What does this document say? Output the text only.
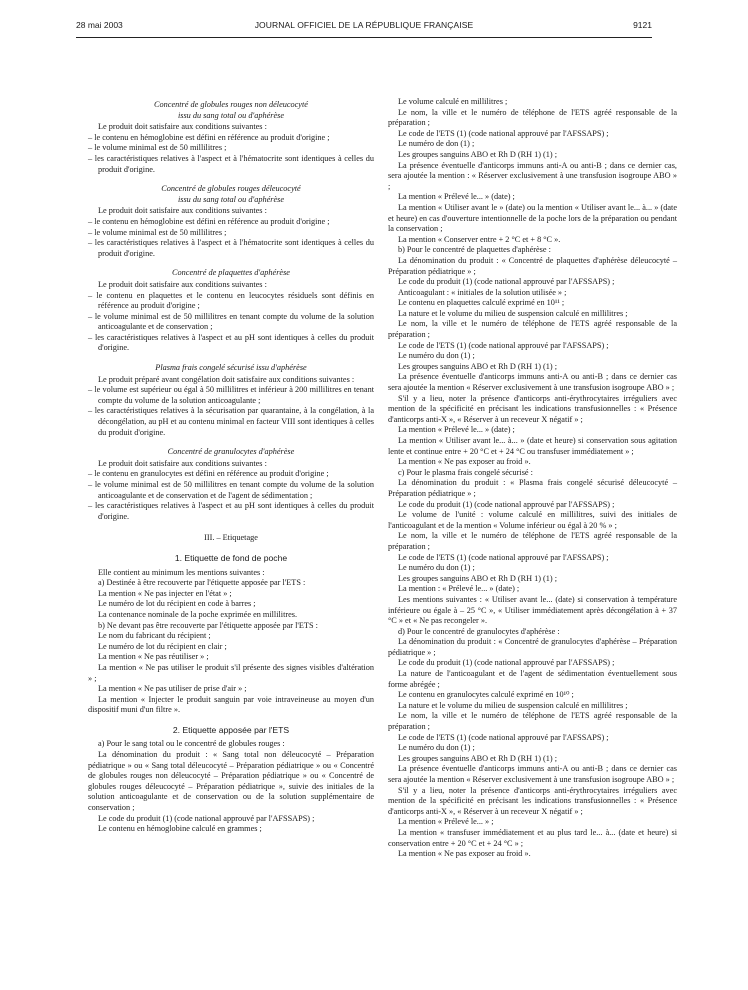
28 mai 2003	JOURNAL OFFICIEL DE LA RÉPUBLIQUE FRANÇAISE	9121

Concentré de globules rouges non déleucocyté

issu du sang total ou d'aphérèse

Le produit doit satisfaire aux conditions suivantes :

– le contenu en hémoglobine est défini en référence au produit d'origine ;

– le volume minimal est de 50 millilitres ;

– les caractéristiques relatives à l'aspect et à l'hématocrite sont identiques à celles du produit d'origine.

Concentré de globules rouges déleucocyté

issu du sang total ou d'aphérèse

Le produit doit satisfaire aux conditions suivantes :

– le contenu en hémoglobine est défini en référence au produit d'origine ;

– le volume minimal est de 50 millilitres ;

– les caractéristiques relatives à l'aspect et à l'hématocrite sont identiques à celles du produit d'origine.

Concentré de plaquettes d'aphérèse

Le produit doit satisfaire aux conditions suivantes :

– le contenu en plaquettes et le contenu en leucocytes résiduels sont définis en référence au produit d'origine ;

– le volume minimal est de 50 millilitres en tenant compte du volume de la solution anticoagulante et de conservation ;

– les caractéristiques relatives à l'aspect et au pH sont identiques à celles du produit d'origine.

Plasma frais congelé sécurisé issu d'aphérèse

Le produit préparé avant congélation doit satisfaire aux conditions suivantes :

– le volume est supérieur ou égal à 50 millilitres et inférieur à 200 millilitres en tenant compte du volume de la solution anticoagulante ;

– les caractéristiques relatives à la sécurisation par quarantaine, à la congélation, à la décongélation, au pH et au contenu minimal en facteur VIII sont identiques à celles du produit d'origine.

Concentré de granulocytes d'aphérèse

Le produit doit satisfaire aux conditions suivantes :

– le contenu en granulocytes est défini en référence au produit d'origine ;

– le volume minimal est de 50 millilitres en tenant compte du volume de la solution anticoagulante et de conservation et de l'agent de sédimentation ;

– les caractéristiques relatives à l'aspect et au pH sont identiques à celles du produit d'origine.

III. – Etiquetage

1. Etiquette de fond de poche

Elle contient au minimum les mentions suivantes :

a) Destinée à être recouverte par l'étiquette apposée par l'ETS :

La mention « Ne pas injecter en l'état » ;

Le numéro de lot du récipient en code à barres ;

La contenance nominale de la poche exprimée en millilitres.

b) Ne devant pas être recouverte par l'étiquette apposée par l'ETS :

Le nom du fabricant du récipient ;

Le numéro de lot du récipient en clair ;

La mention « Ne pas réutiliser » ;

La mention « Ne pas utiliser le produit s'il présente des signes visibles d'altération » ;

La mention « Ne pas utiliser de prise d'air » ;

La mention « Injecter le produit sanguin par voie intraveineuse au moyen d'un dispositif muni d'un filtre ».

2. Etiquette apposée par l'ETS

a) Pour le sang total ou le concentré de globules rouges :

La dénomination du produit : « Sang total non déleucocyté – Préparation pédiatrique » ou « Sang total déleucocyté – Préparation pédiatrique » ou « Concentré de globules rouges non déleucocyté – Préparation pédiatrique » ou « Concentré de globules rouges déleucocyté – Préparation pédiatrique », suivie des initiales de la solution anticoagulante et de conservation ou de la solution supplémentaire de conservation ;

Le code du produit (1) (code national approuvé par l'AFSSAPS) ;

Le contenu en hémoglobine calculé en grammes ;

Le volume calculé en millilitres ;

Le nom, la ville et le numéro de téléphone de l'ETS agréé responsable de la préparation ;

Le code de l'ETS (1) (code national approuvé par l'AFSSAPS) ;

Le numéro de don (1) ;

Les groupes sanguins ABO et Rh D (RH 1) (1) ;

La présence éventuelle d'anticorps immuns anti-A ou anti-B ; dans ce dernier cas, sera ajoutée la mention : « Réserver exclusivement à une transfusion isogroupe ABO » ;

La mention « Prélevé le... » (date) ;

La mention « Utiliser avant le » (date) ou la mention « Utiliser avant le... à... » (date et heure) en cas d'ouverture intentionnelle de la poche lors de la préparation ou pendant la conservation ;

La mention « Conserver entre + 2 °C et + 8 °C ».

b) Pour le concentré de plaquettes d'aphérèse :

La dénomination du produit : « Concentré de plaquettes d'aphérèse déleucocyté – Préparation pédiatrique » ;

Le code du produit (1) (code national approuvé par l'AFSSAPS) ;

Anticoagulant : « initiales de la solution utilisée » ;

Le contenu en plaquettes calculé exprimé en 10¹¹ ;

La nature et le volume du milieu de suspension calculé en millilitres ;

Le nom, la ville et le numéro de téléphone de l'ETS agréé responsable de la préparation ;

Le code de l'ETS (1) (code national approuvé par l'AFSSAPS) ;

Le numéro du don (1) ;

Les groupes sanguins ABO et Rh D (RH 1) (1) ;

La présence éventuelle d'anticorps immuns anti-A ou anti-B ; dans ce dernier cas sera ajoutée la mention « Réserver exclusivement à une transfusion isogroupe ABO » ;

S'il y a lieu, noter la présence d'anticorps anti-érythrocytaires irréguliers avec mention de la spécificité en précisant les indications transfusionnelles : « Présence d'anticorps anti-X », « Réserver à un receveur X négatif » ;

La mention « Prélevé le... » (date) ;

La mention « Utiliser avant le... à... » (date et heure) si conservation sous agitation lente et continue entre + 20 °C et + 24 °C ou transfuser immédiatement » ;

La mention « Ne pas exposer au froid ».

c) Pour le plasma frais congelé sécurisé :

La dénomination du produit : « Plasma frais congelé sécurisé déleucocyté – Préparation pédiatrique » ;

Le code du produit (1) (code national approuvé par l'AFSSAPS) ;

Le volume de l'unité : volume calculé en millilitres, suivi des initiales de l'anticoagulant et de la mention « Volume inférieur ou égal à 20 % » ;

Le nom, la ville et le numéro de téléphone de l'ETS agréé responsable de la préparation ;

Le code de l'ETS (1) (code national approuvé par l'AFSSAPS) ;

Le numéro du don (1) ;

Les groupes sanguins ABO et Rh D (RH 1) (1) ;

La mention : « Prélevé le... » (date) ;

Les mentions suivantes : « Utiliser avant le... (date) si conservation à température inférieure ou égale à – 25 °C », « Utiliser immédiatement après décongélation à + 37 °C » et « Ne pas recongeler ».

d) Pour le concentré de granulocytes d'aphérèse :

La dénomination du produit : « Concentré de granulocytes d'aphérèse – Préparation pédiatrique » ;

Le code du produit (1) (code national approuvé par l'AFSSAPS) ;

La nature de l'anticoagulant et de l'agent de sédimentation éventuellement sous forme abrégée ;

Le contenu en granulocytes calculé exprimé en 10¹⁰ ;

La nature et le volume du milieu de suspension calculé en millilitres ;

Le nom, la ville et le numéro de téléphone de l'ETS agréé responsable de la préparation ;

Le code de l'ETS (1) (code national approuvé par l'AFSSAPS) ;

Le numéro du don (1) ;

Les groupes sanguins ABO et Rh D (RH 1) (1) ;

La présence éventuelle d'anticorps immuns anti-A ou anti-B ; dans ce dernier cas sera ajoutée la mention « Réserver exclusivement à une transfusion isogroupe ABO » ;

S'il y a lieu, noter la présence d'anticorps anti-érythrocytaires irréguliers avec mention de la spécificité en précisant les indications transfusionnelles : « Présence d'anticorps anti-X », « Réserver à un receveur X négatif » ;

La mention « Prélevé le... » ;

La mention « transfuser immédiatement et au plus tard le... à... (date et heure) si conservation entre + 20 °C et + 24 °C » ;

La mention « Ne pas exposer au froid ».
